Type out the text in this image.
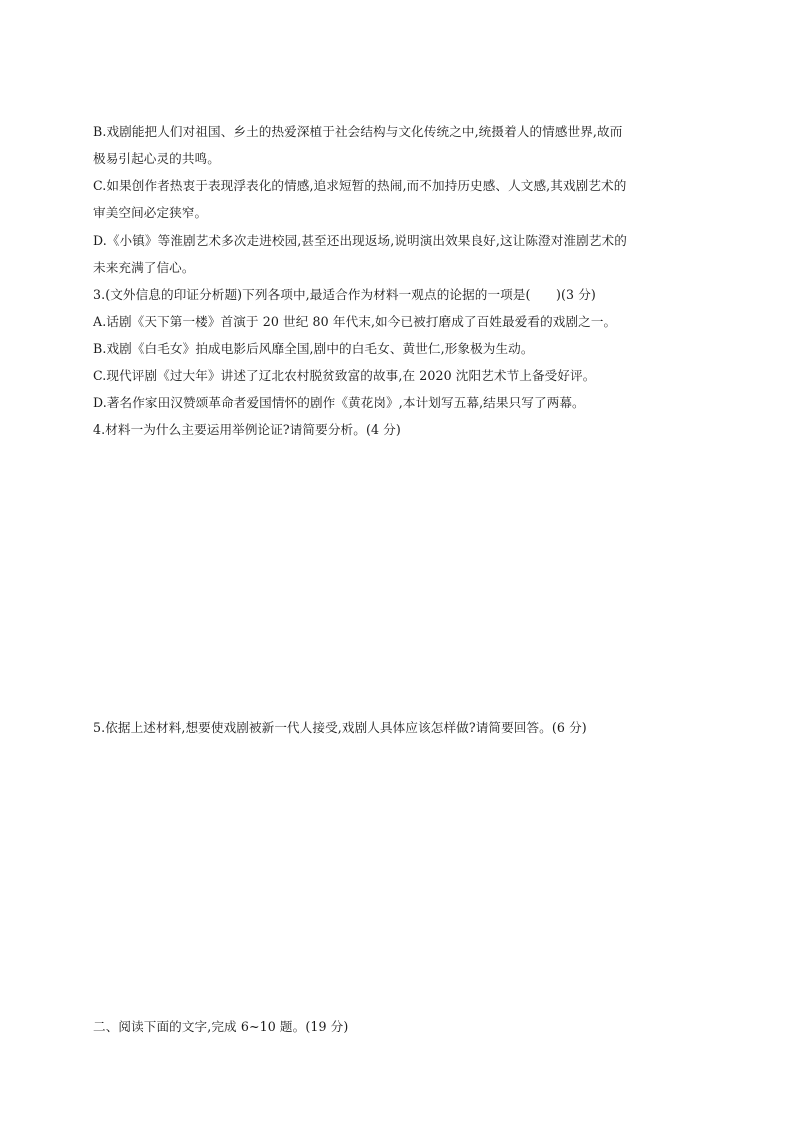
B.戏剧能把人们对祖国、乡土的热爱深植于社会结构与文化传统之中,统摄着人的情感世界,故而
极易引起心灵的共鸣。
C.如果创作者热衷于表现浮表化的情感,追求短暂的热闹,而不加持历史感、人文感,其戏剧艺术的
审美空间必定狭窄。
D.《小镇》等淮剧艺术多次走进校园,甚至还出现返场,说明演出效果良好,这让陈澄对淮剧艺术的
未来充满了信心。
3.(文外信息的印证分析题)下列各项中,最适合作为材料一观点的论据的一项是(　　)(3 分)
A.话剧《天下第一楼》首演于 20 世纪 80 年代末,如今已被打磨成了百姓最爱看的戏剧之一。
B.戏剧《白毛女》拍成电影后风靡全国,剧中的白毛女、黄世仁,形象极为生动。
C.现代评剧《过大年》讲述了辽北农村脱贫致富的故事,在 2020 沈阳艺术节上备受好评。
D.著名作家田汉赞颂革命者爱国情怀的剧作《黄花岗》,本计划写五幕,结果只写了两幕。
4.材料一为什么主要运用举例论证?请简要分析。(4 分)
5.依据上述材料,想要使戏剧被新一代人接受,戏剧人具体应该怎样做?请简要回答。(6 分)
二、阅读下面的文字,完成 6~10 题。(19 分)
